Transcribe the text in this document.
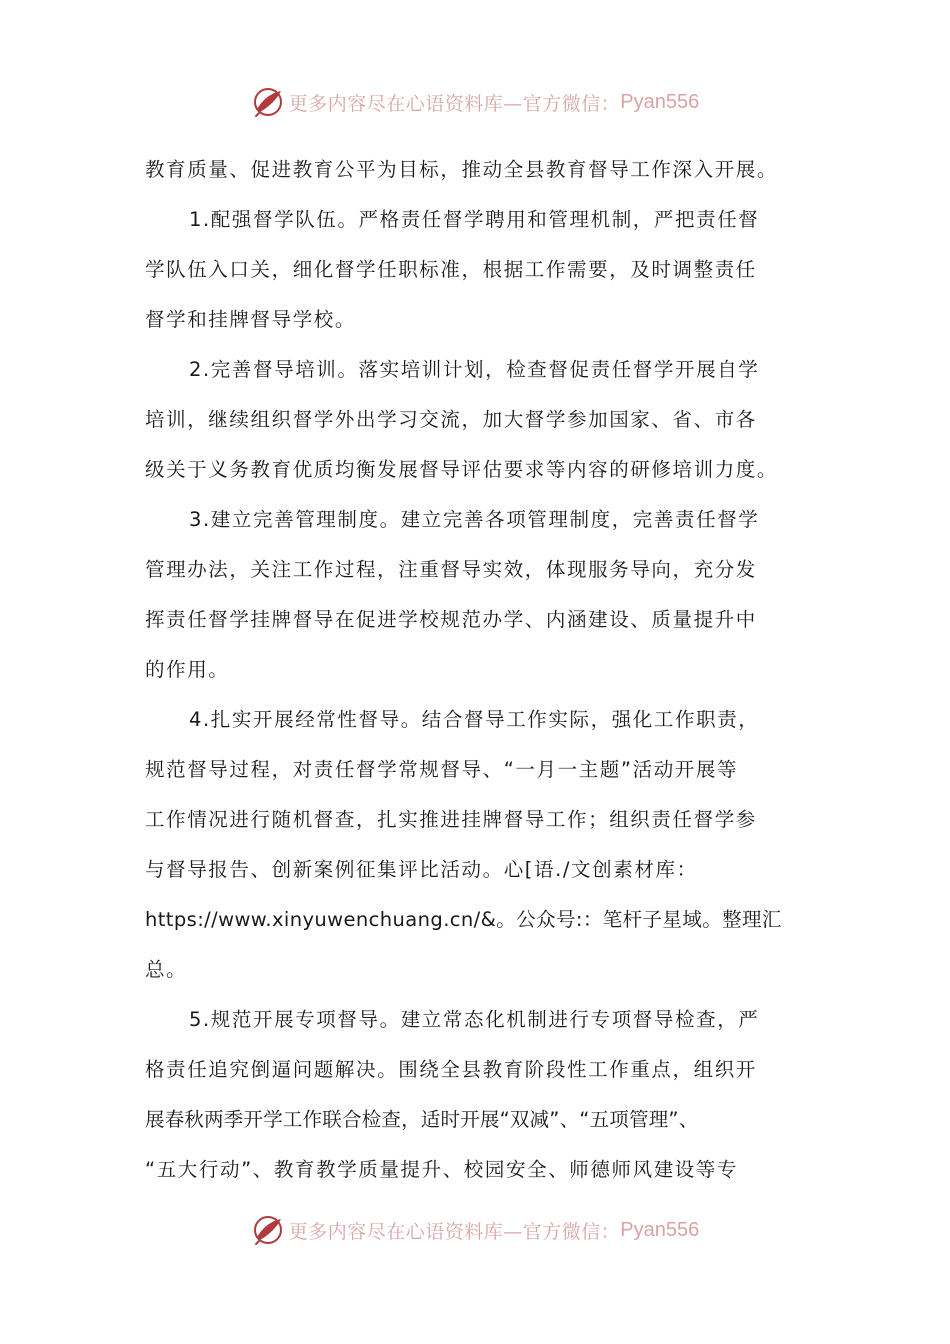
更多内容尽在心语资料库—官方微信： Pyan556
教育质量、促进教育公平为目标，推动全县教育督导工作深入开展。
1.配强督学队伍。严格责任督学聘用和管理机制，严把责任督
学队伍入口关，细化督学任职标准，根据工作需要，及时调整责任
督学和挂牌督导学校。
2.完善督导培训。落实培训计划，检查督促责任督学开展自学
培训，继续组织督学外出学习交流，加大督学参加国家、省、市各
级关于义务教育优质均衡发展督导评估要求等内容的研修培训力度。
3.建立完善管理制度。建立完善各项管理制度，完善责任督学
管理办法，关注工作过程，注重督导实效，体现服务导向，充分发
挥责任督学挂牌督导在促进学校规范办学、内涵建设、质量提升中
的作用。
4.扎实开展经常性督导。结合督导工作实际，强化工作职责，
规范督导过程，对责任督学常规督导、“一月一主题”活动开展等
工作情况进行随机督查，扎实推进挂牌督导工作；组织责任督学参
与督导报告、创新案例征集评比活动。心[语./文创素材库：
https://www.xinyuwenchuang.cn/&。公众号:：笔杆子星域。整理汇
总。
5.规范开展专项督导。建立常态化机制进行专项督导检查，严
格责任追究倒逼问题解决。围绕全县教育阶段性工作重点，组织开
展春秋两季开学工作联合检查，适时开展“双减”、“五项管理”、
“五大行动”、教育教学质量提升、校园安全、师德师风建设等专
更多内容尽在心语资料库—官方微信： Pyan556
